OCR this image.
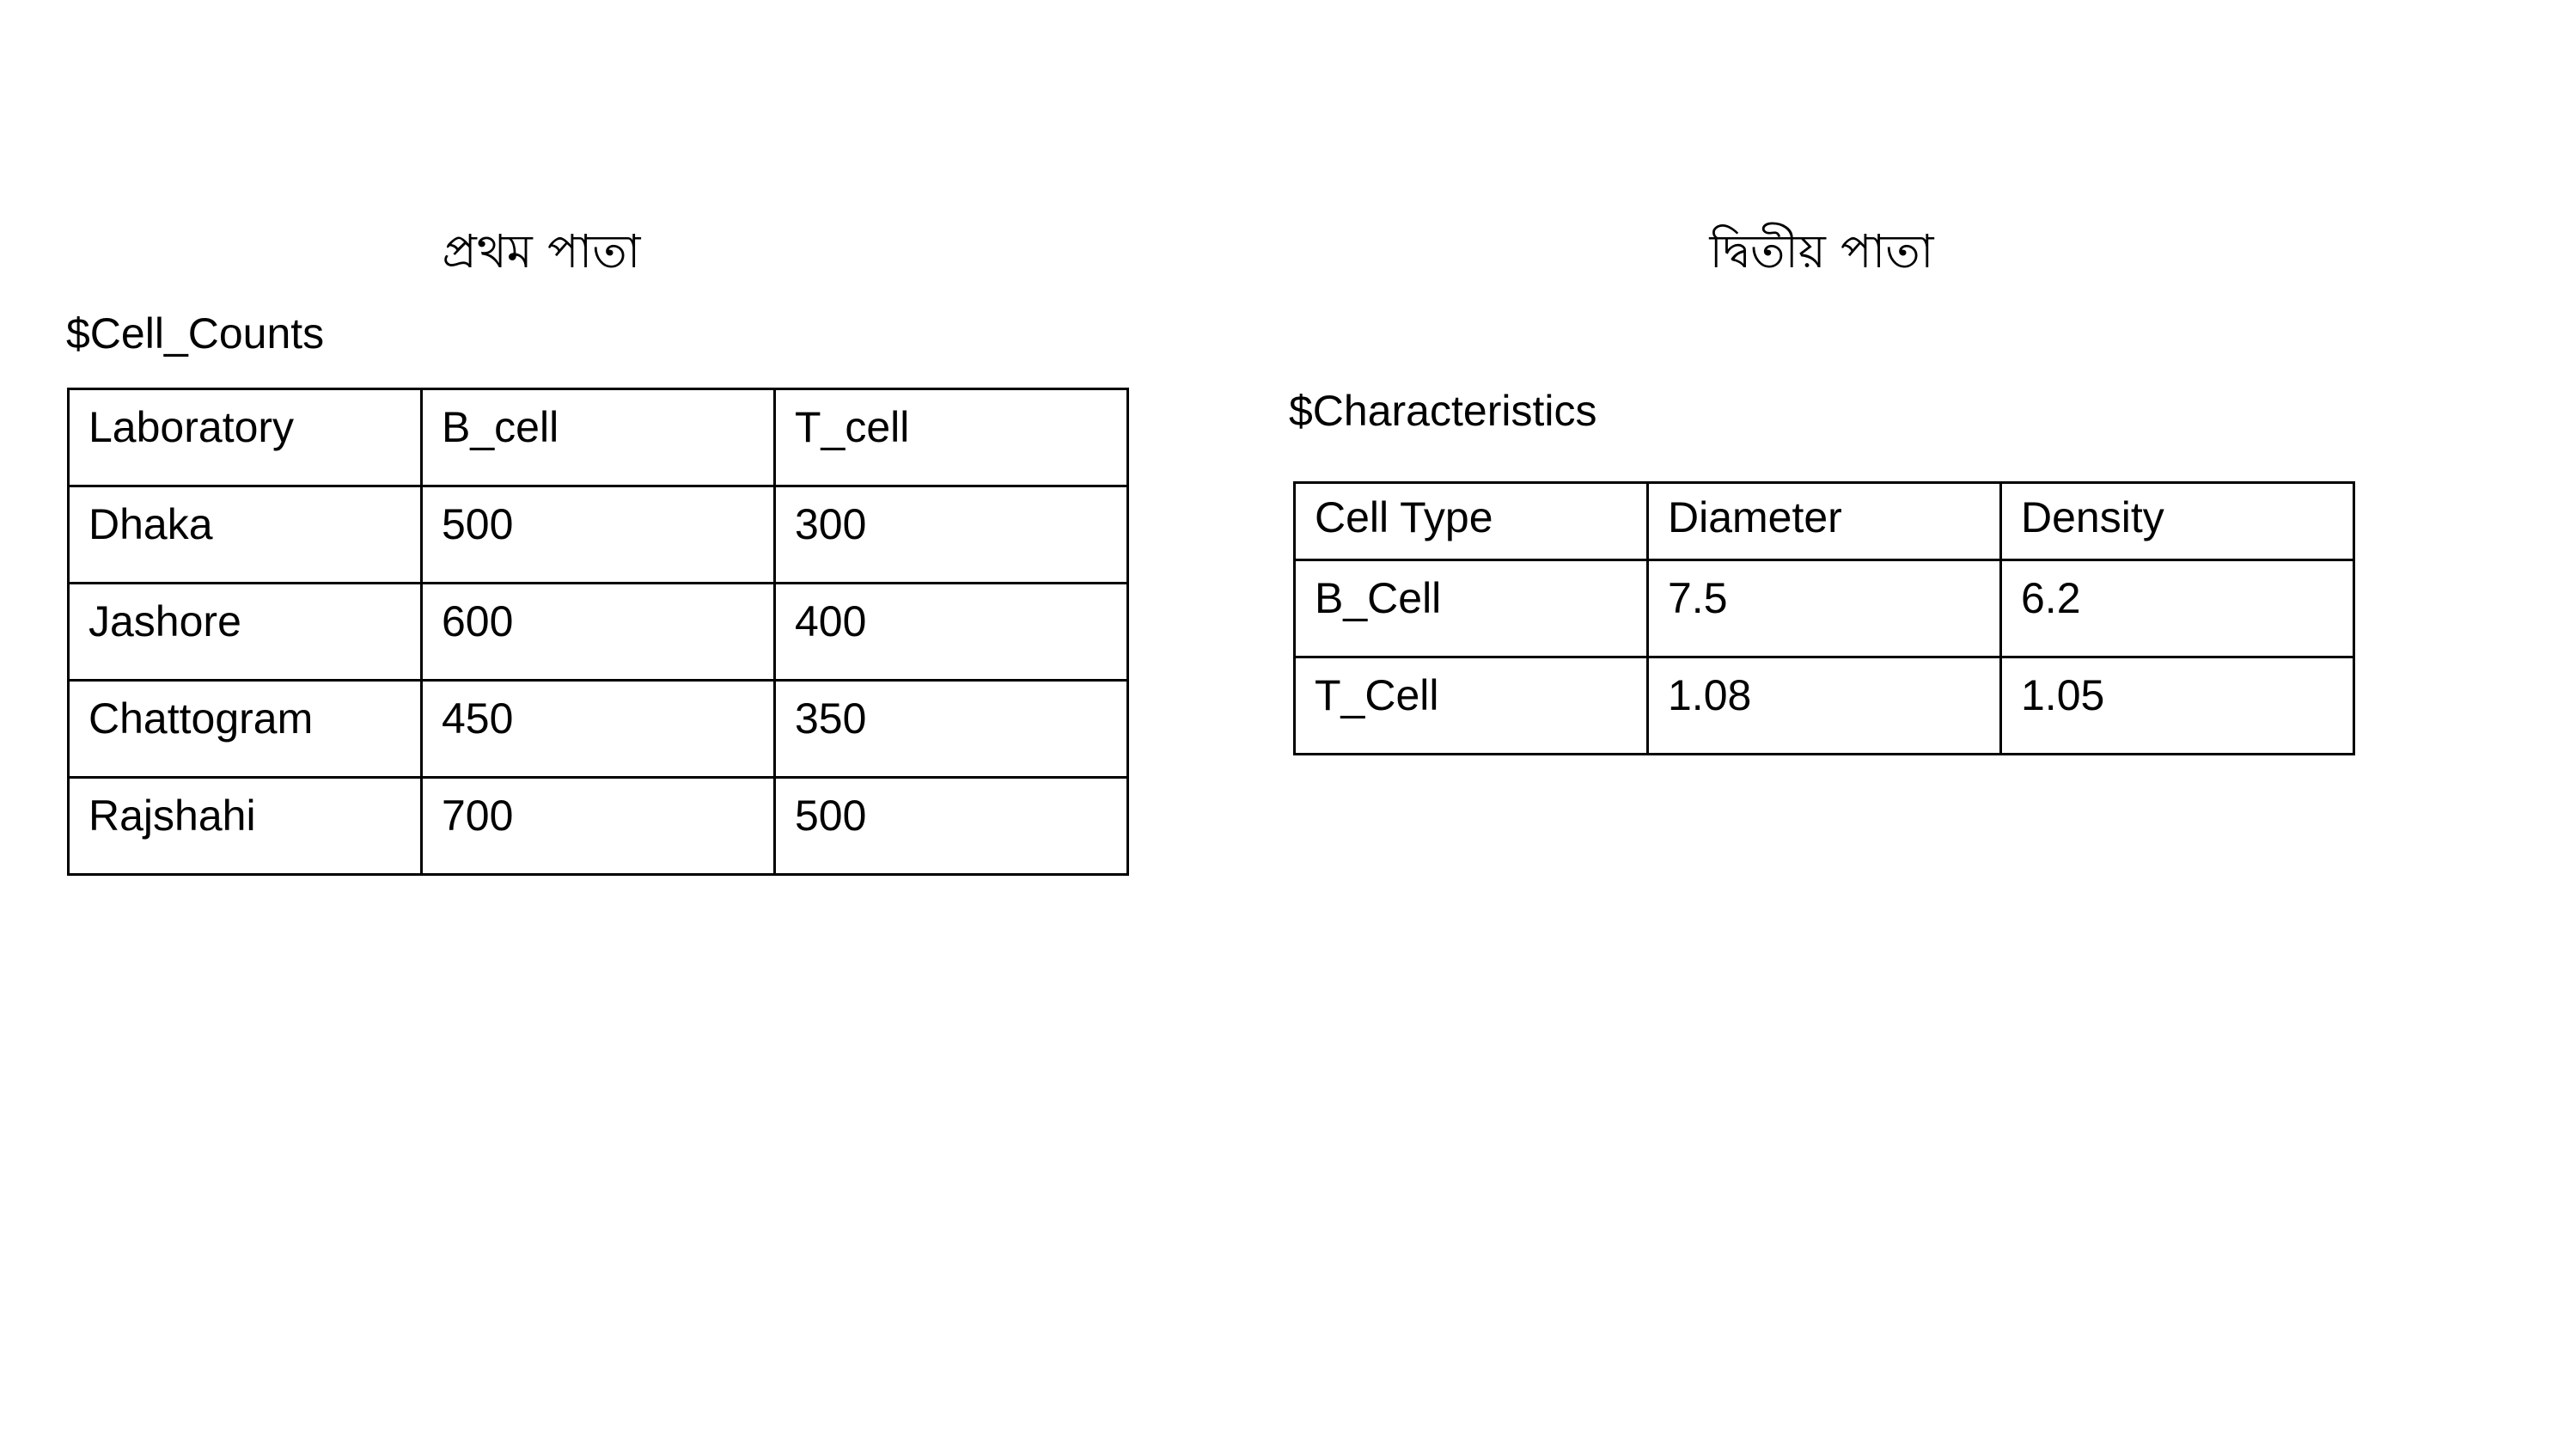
প্রথম পাতা	দ্বিতীয় পাতা
$Cell_Counts
Laboratory	B_cell	T_cell
Dhaka	500	300
Jashore	600	400
Chattogram	450	350
Rajshahi	700	500
$Characteristics
Cell Type	Diameter	Density
B_Cell	7.5	6.2
T_Cell	1.08	1.05
